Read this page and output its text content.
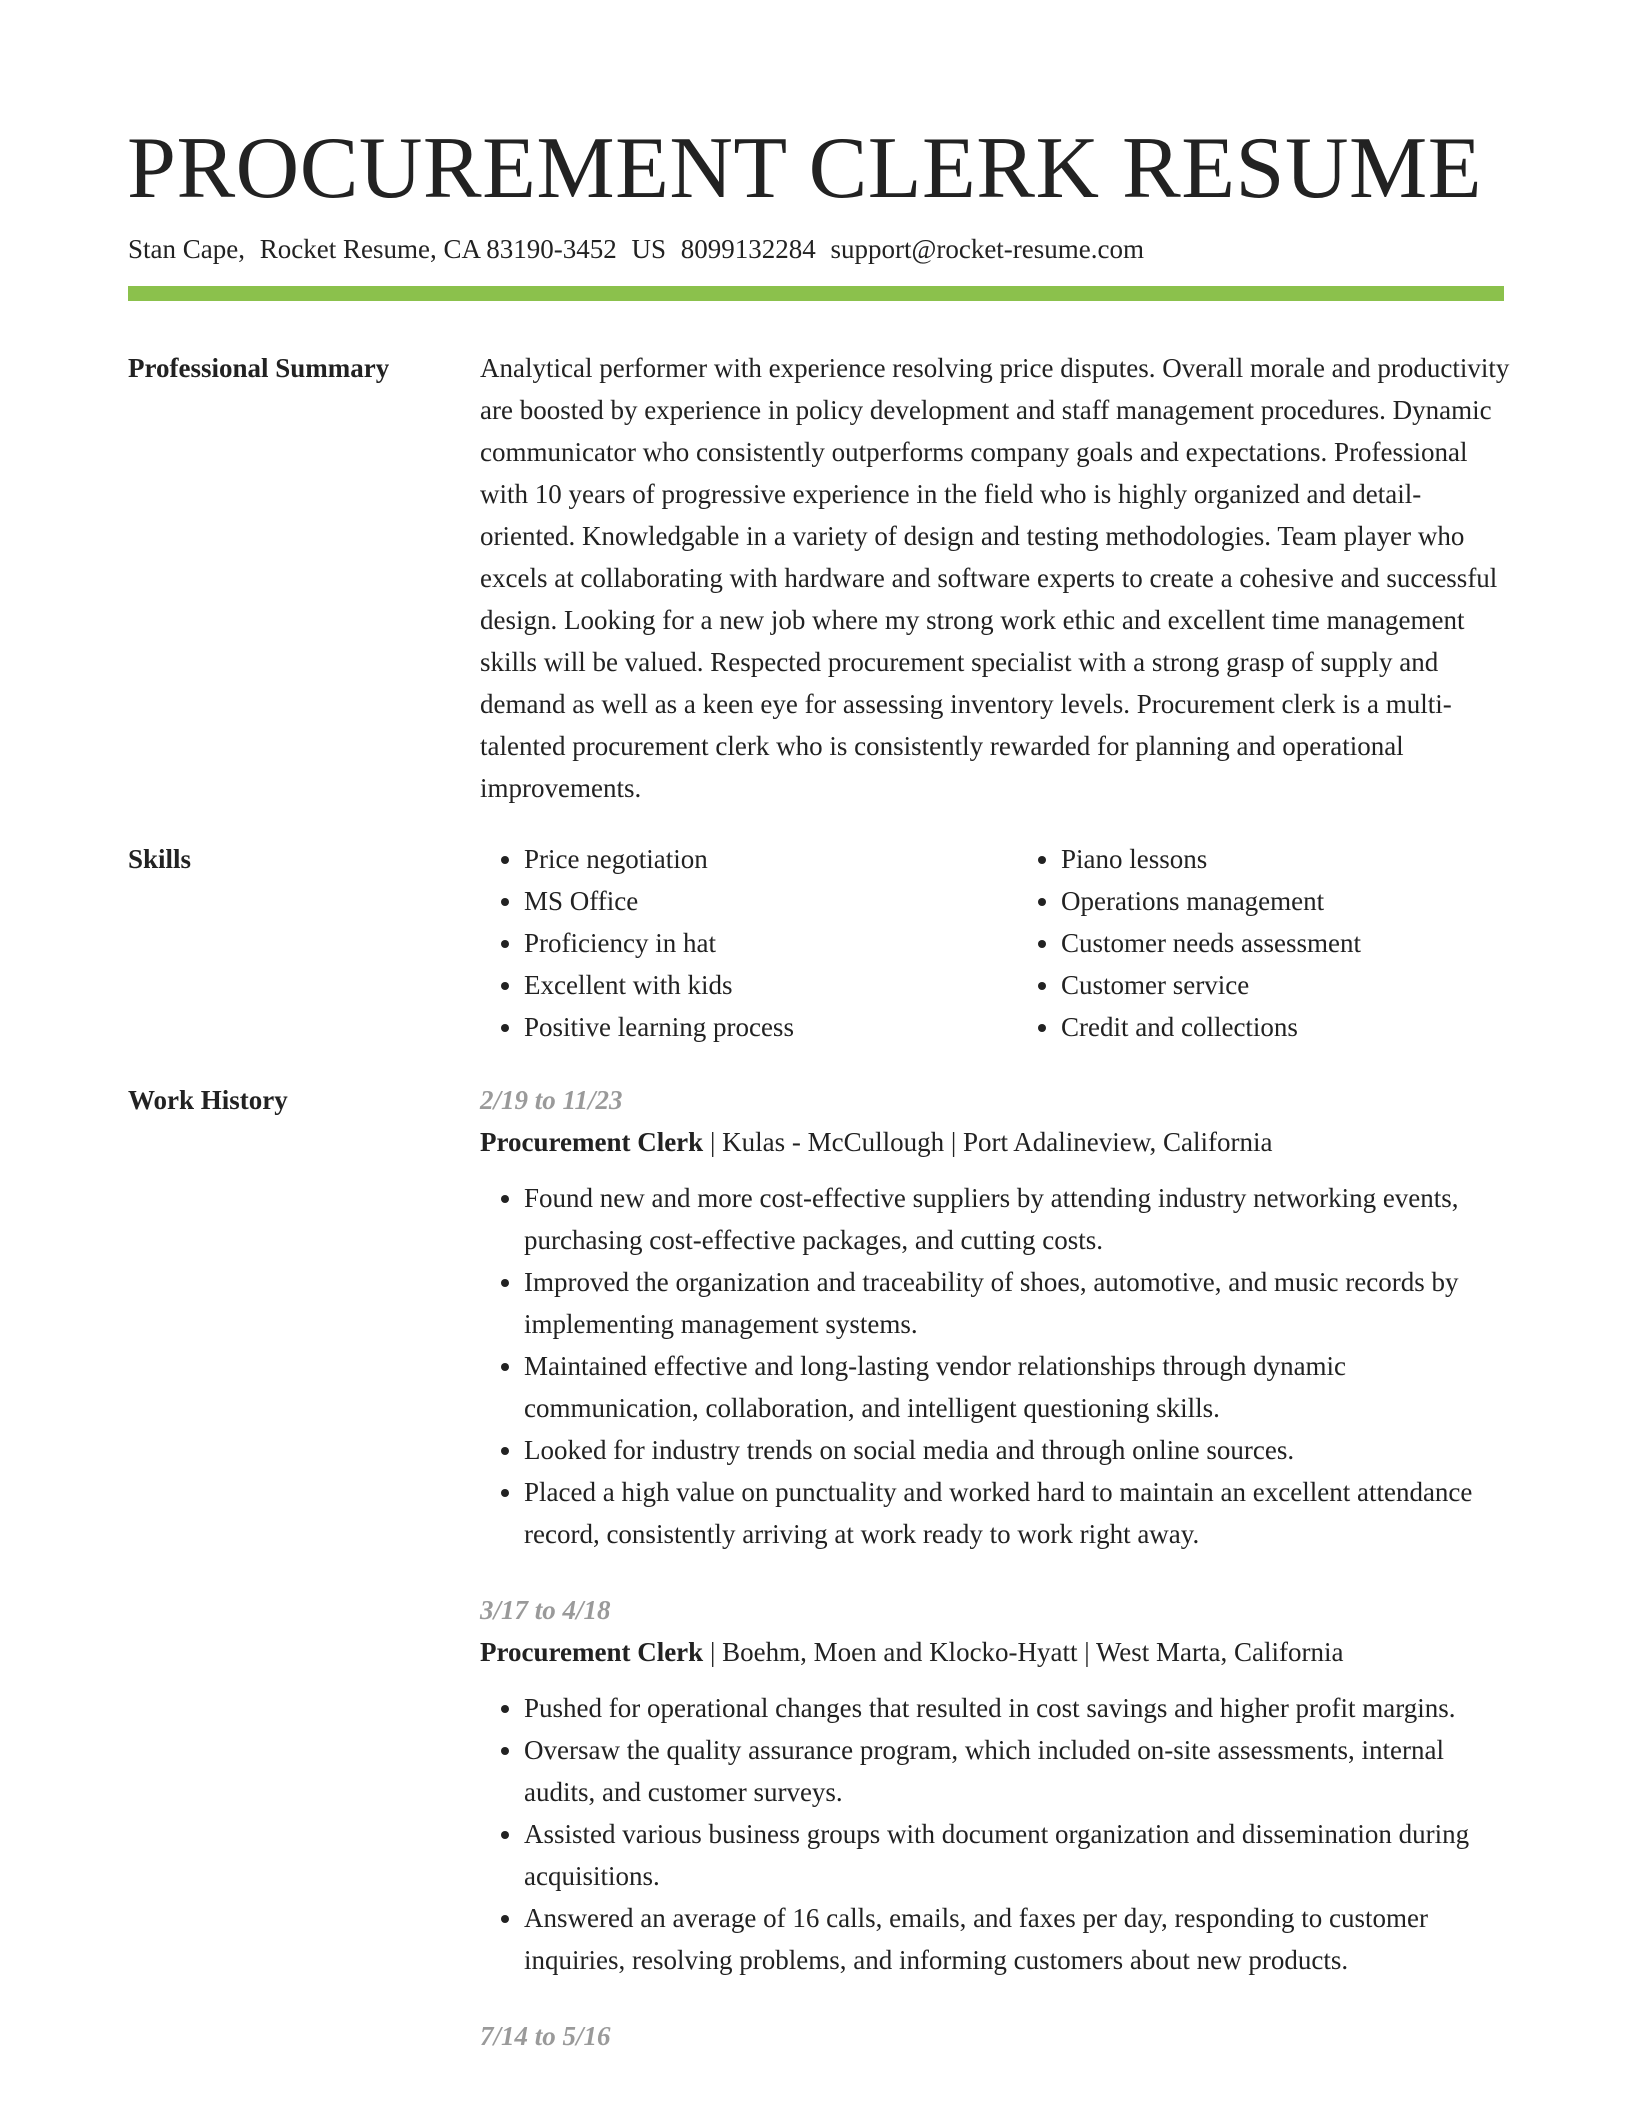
PROCUREMENT CLERK RESUME
Stan Cape, Rocket Resume, CA 83190-3452 US 8099132284 support@rocket-resume.com
Professional Summary	Analytical performer with experience resolving price disputes. Overall morale and productivity are boosted by experience in policy development and staff management procedures. Dynamic communicator who consistently outperforms company goals and expectations. Professional with 10 years of progressive experience in the field who is highly organized and detail-oriented. Knowledgable in a variety of design and testing methodologies. Team player who excels at collaborating with hardware and software experts to create a cohesive and successful design. Looking for a new job where my strong work ethic and excellent time management skills will be valued. Respected procurement specialist with a strong grasp of supply and demand as well as a keen eye for assessing inventory levels. Procurement clerk is a multi-talented procurement clerk who is consistently rewarded for planning and operational improvements.

Skills
•	Price negotiation
• MS Office
• Proficiency in hat
• Excellent with kids
• Positive learning process
• Piano lessons
• Operations management
• Customer needs assessment
• Customer service
• Credit and collections
Work History	2/19 to 11/23
Procurement Clerk | Kulas - McCullough | Port Adalineview, California
• Found new and more cost-effective suppliers by attending industry networking events, purchasing cost-effective packages, and cutting costs.
• Improved the organization and traceability of shoes, automotive, and music records by implementing management systems.
• Maintained effective and long-lasting vendor relationships through dynamic communication, collaboration, and intelligent questioning skills.
• Looked for industry trends on social media and through online sources.
• Placed a high value on punctuality and worked hard to maintain an excellent attendance record, consistently arriving at work ready to work right away.
3/17 to 4/18
Procurement Clerk | Boehm, Moen and Klocko-Hyatt | West Marta, California
• Pushed for operational changes that resulted in cost savings and higher profit margins.
• Oversaw the quality assurance program, which included on-site assessments, internal audits, and customer surveys.
• Assisted various business groups with document organization and dissemination during acquisitions.
• Answered an average of 16 calls, emails, and faxes per day, responding to customer inquiries, resolving problems, and informing customers about new products.
7/14 to 5/16
